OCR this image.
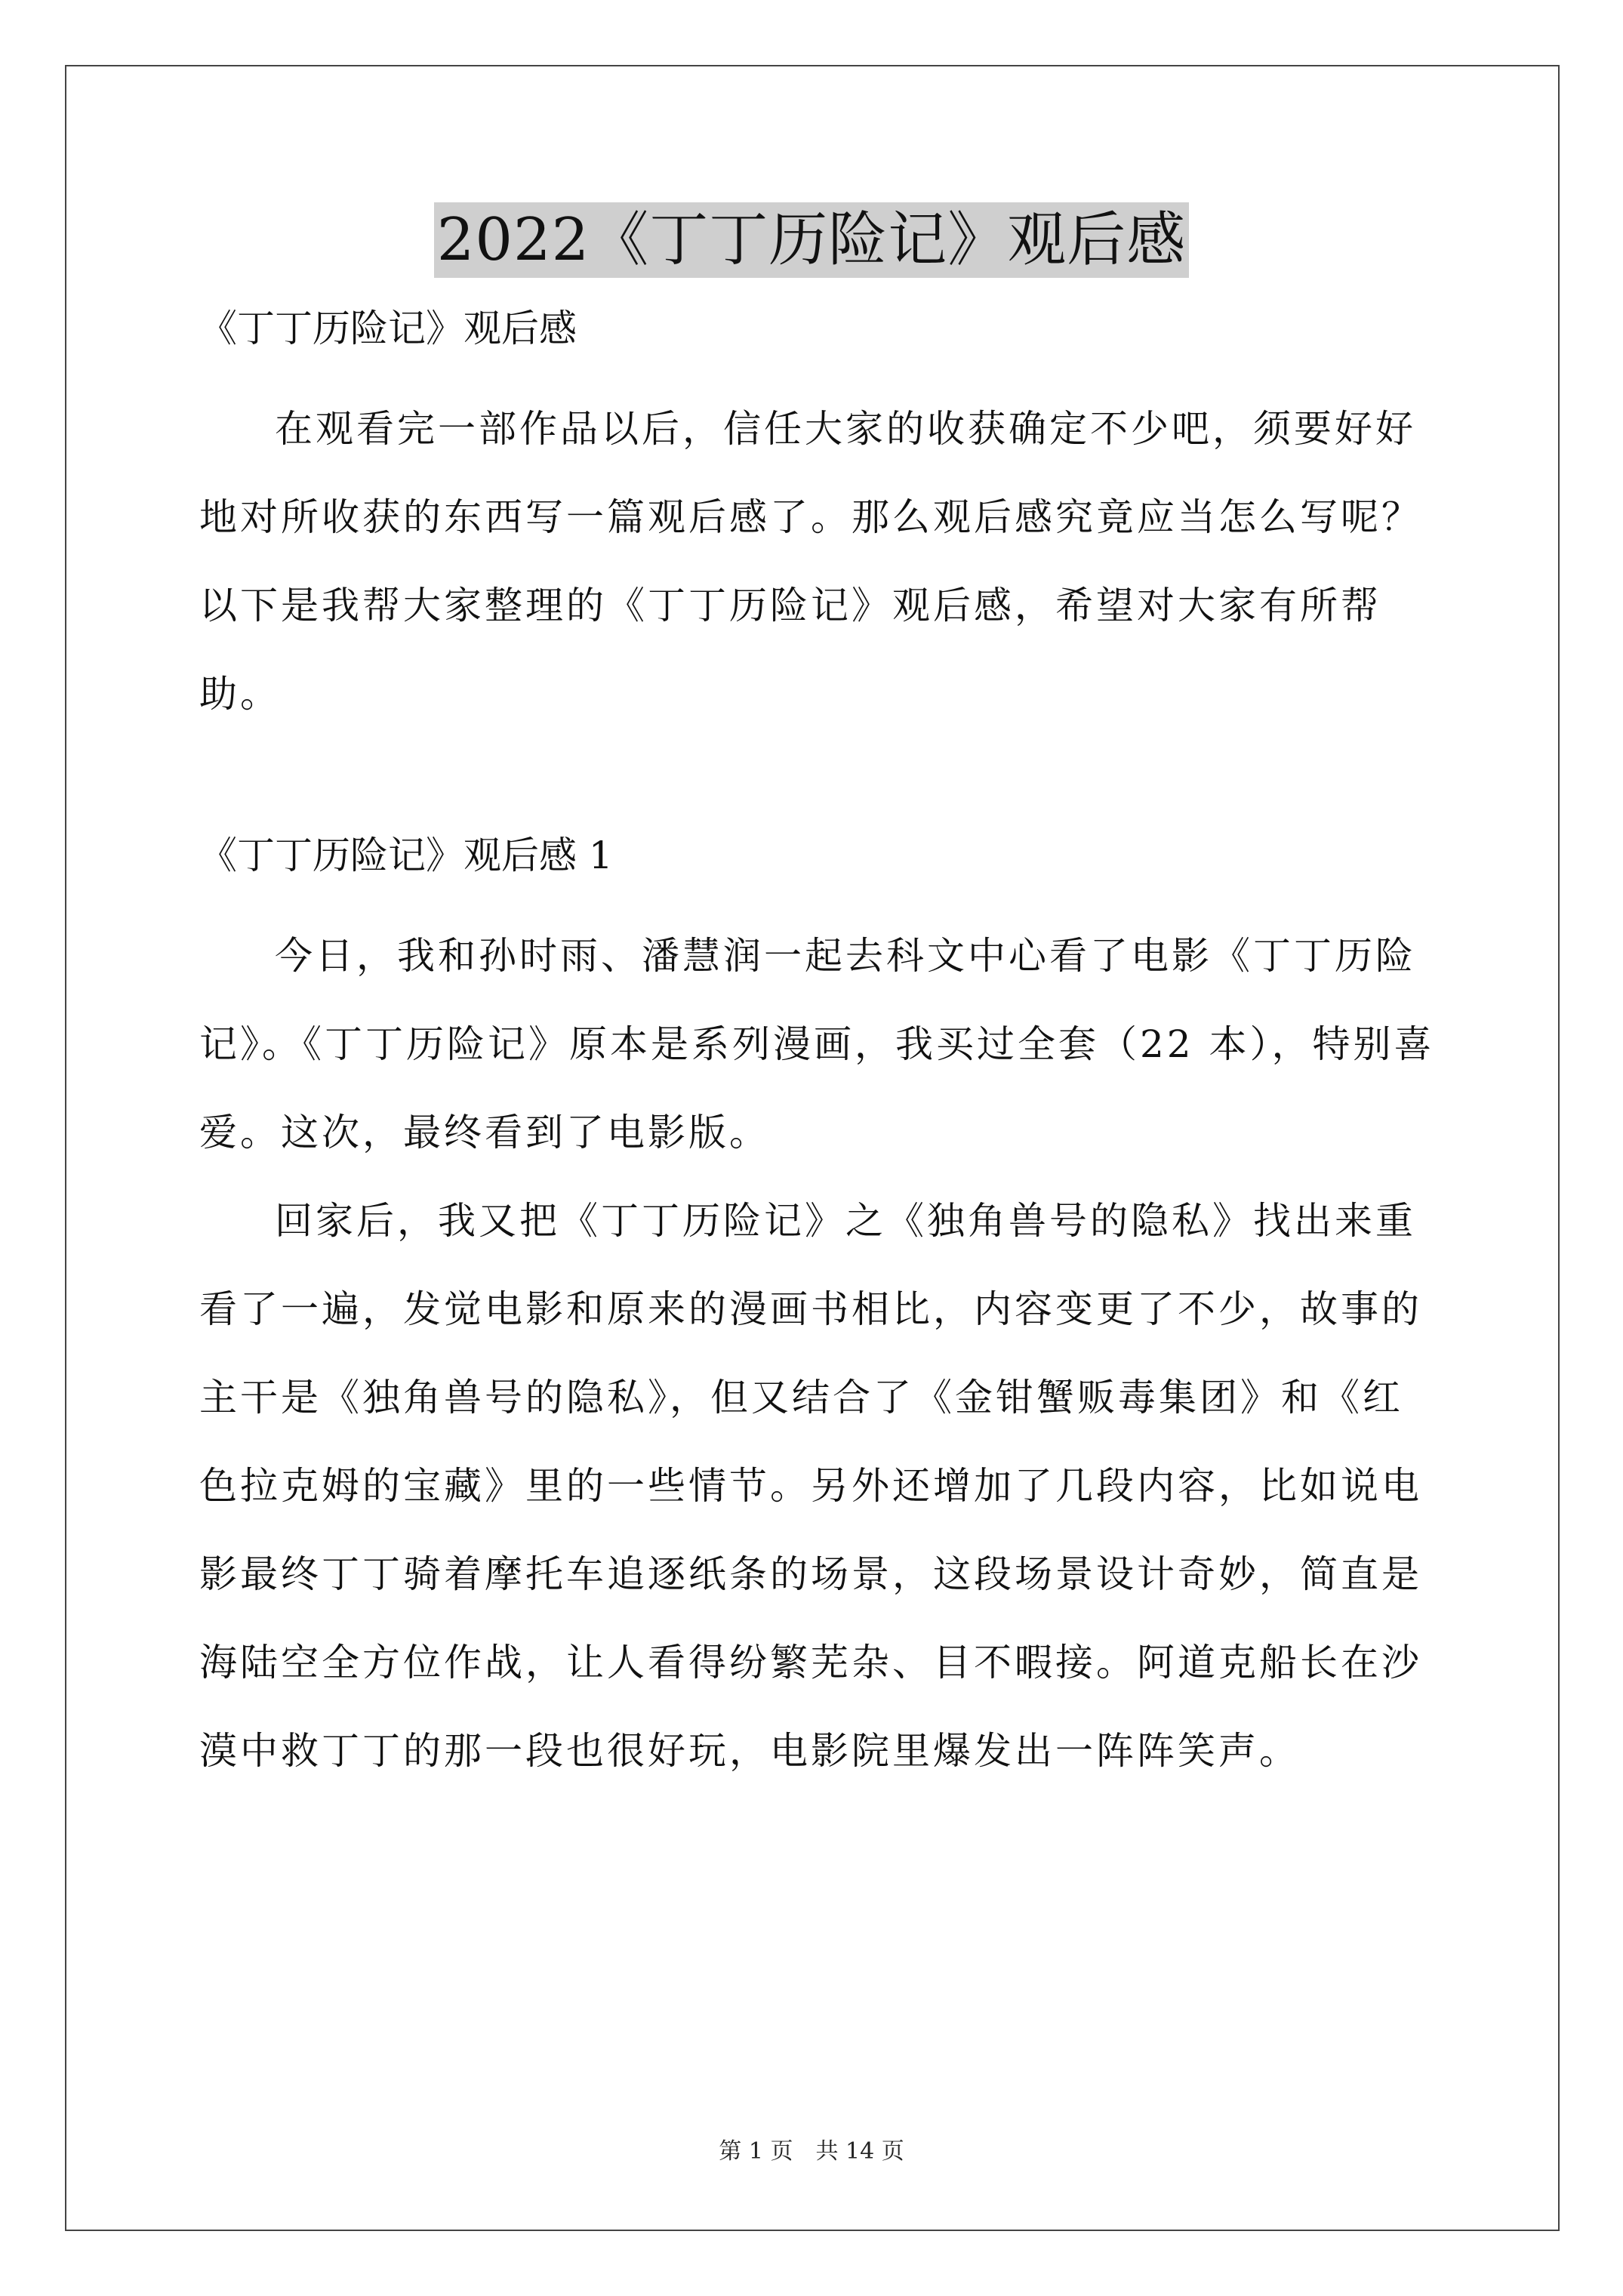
2022《丁丁历险记》观后感

《丁丁历险记》观后感

在观看完一部作品以后，信任大家的收获确定不少吧，须要好好地对所收获的东西写一篇观后感了。那么观后感究竟应当怎么写呢？以下是我帮大家整理的《丁丁历险记》观后感，希望对大家有所帮助。

《丁丁历险记》观后感 1

今日，我和孙时雨、潘慧润一起去科文中心看了电影《丁丁历险记》。《丁丁历险记》原本是系列漫画，我买过全套（22 本），特别喜爱。这次，最终看到了电影版。

回家后，我又把《丁丁历险记》之《独角兽号的隐私》找出来重看了一遍，发觉电影和原来的漫画书相比，内容变更了不少，故事的主干是《独角兽号的隐私》，但又结合了《金钳蟹贩毒集团》和《红色拉克姆的宝藏》里的一些情节。另外还增加了几段内容，比如说电影最终丁丁骑着摩托车追逐纸条的场景，这段场景设计奇妙，简直是海陆空全方位作战，让人看得纷繁芜杂、目不暇接。阿道克船长在沙漠中救丁丁的那一段也很好玩，电影院里爆发出一阵阵笑声。

第 1 页　共 14 页
